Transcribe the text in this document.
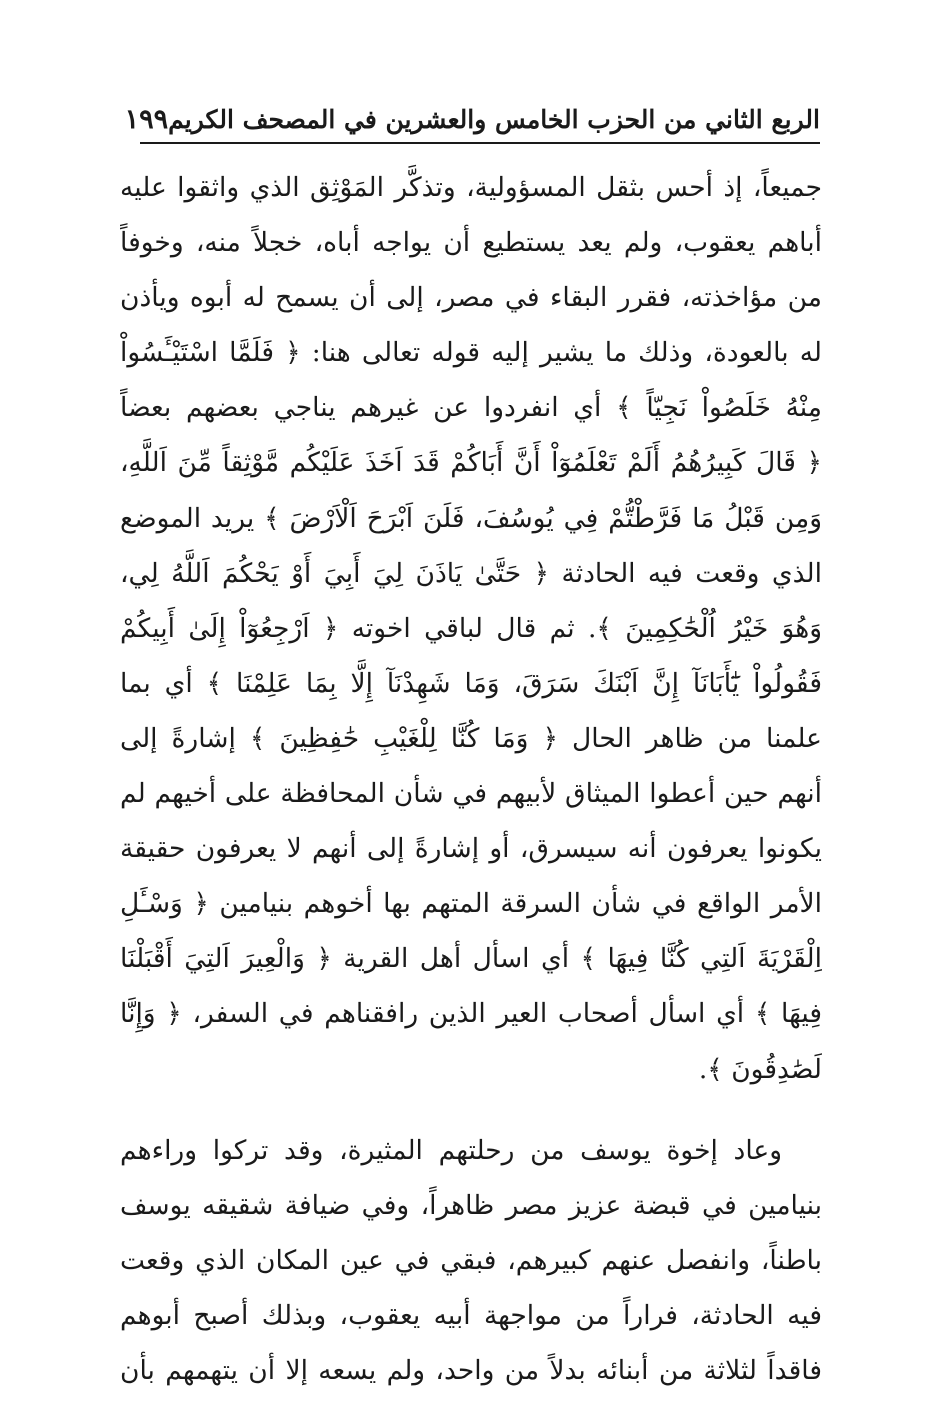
الربع الثاني من الحزب الخامس والعشرين في المصحف الكريم
١٩٩
جميعاً، إذ أحس بثقل المسؤولية، وتذكَّر المَوْثِق الذي واثقوا عليه
أباهم يعقوب، ولم يعد يستطيع أن يواجه أباه، خجلاً منه، وخوفاً
من مؤاخذته، فقرر البقاء في مصر، إلى أن يسمح له أبوه ويأذن
له بالعودة، وذلك ما يشير إليه قوله تعالى هنا: ﴿ فَلَمَّا اسْتَيْـَٔسُواْ
مِنْهُ خَلَصُواْ نَجِيّاً ﴾ أي انفردوا عن غيرهم يناجي بعضهم بعضاً
﴿ قَالَ كَبِيرُهُمُ أَلَمْ تَعْلَمُوٓاْ أَنَّ أَبَاكُمْ قَدَ اَخَذَ عَلَيْكُم مَّوْثِقاً مِّنَ اَللَّهِ،
وَمِن قَبْلُ مَا فَرَّطْتُّمْ فِي يُوسُفَ، فَلَنَ اَبْرَحَ اَلْاَرْضَ ﴾ يريد الموضع
الذي وقعت فيه الحادثة ﴿ حَتَّىٰ يَاذَنَ لِيَ أَبِيَ أَوْ يَحْكُمَ اَللَّهُ لِي،
وَهُوَ خَيْرُ اُلْحَٰكِمِينَ ﴾. ثم قال لباقي اخوته ﴿ اَرْجِعُوٓاْ إِلَىٰ أَبِيكُمْ
فَقُولُواْ يَٰٓأَبَانَآ إِنَّ اَبْنَكَ سَرَقَ، وَمَا شَهِدْنَآ إِلَّا بِمَا عَلِمْنَا ﴾ أي بما
علمنا من ظاهر الحال ﴿ وَمَا كُنَّا لِلْغَيْبِ حَٰفِظِينَ ﴾ إشارةً إلى
أنهم حين أعطوا الميثاق لأبيهم في شأن المحافظة على أخيهم لم
يكونوا يعرفون أنه سيسرق، أو إشارةً إلى أنهم لا يعرفون حقيقة
الأمر الواقع في شأن السرقة المتهم بها أخوهم بنيامين ﴿ وَسْـَٔلِ
اِلْقَرْيَةَ اَلتِي كُنَّا فِيهَا ﴾ أي اسأل أهل القرية ﴿ وَالْعِيرَ اَلتِيَ أَقْبَلْنَا
فِيهَا ﴾ أي اسأل أصحاب العير الذين رافقناهم في السفر، ﴿ وَإِنَّا
لَصَٰدِقُونَ ﴾.
وعاد إخوة يوسف من رحلتهم المثيرة، وقد تركوا وراءهم
بنيامين في قبضة عزيز مصر ظاهراً، وفي ضيافة شقيقه يوسف
باطناً، وانفصل عنهم كبيرهم، فبقي في عين المكان الذي وقعت
فيه الحادثة، فراراً من مواجهة أبيه يعقوب، وبذلك أصبح أبوهم
فاقداً لثلاثة من أبنائه بدلاً من واحد، ولم يسعه إلا أن يتهمهم بأن
